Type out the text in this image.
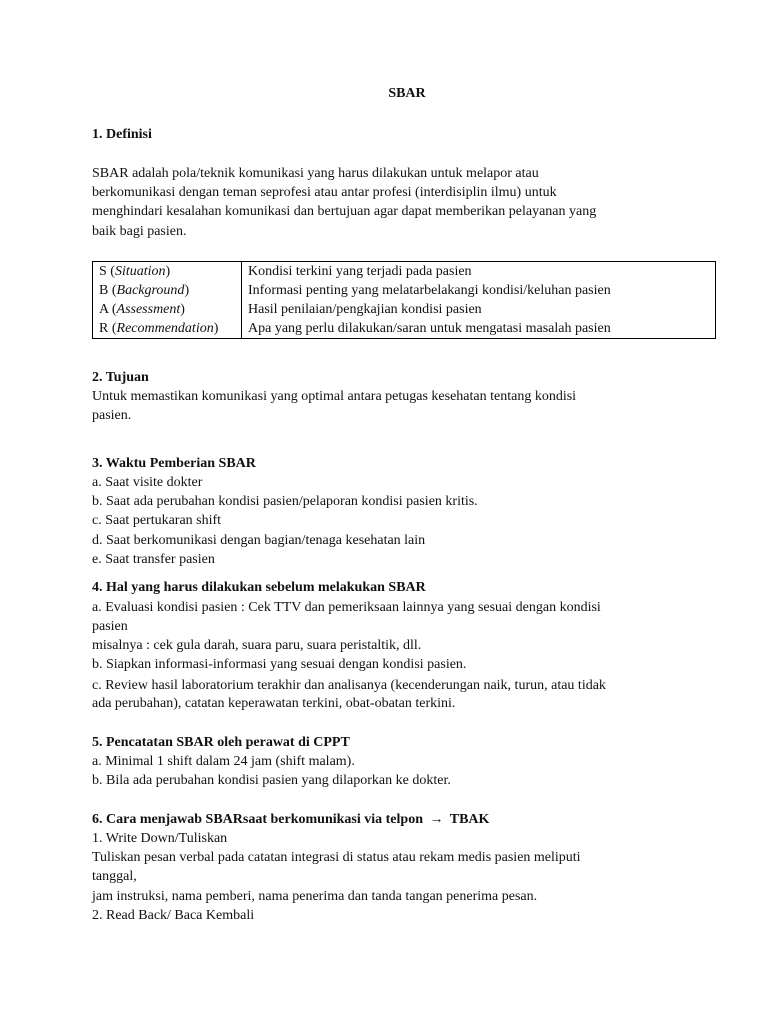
SBAR
1. Definisi
SBAR adalah pola/teknik komunikasi yang harus dilakukan untuk melapor atau
berkomunikasi dengan teman seprofesi atau antar profesi (interdisiplin ilmu) untuk
menghindari kesalahan komunikasi dan bertujuan agar dapat memberikan pelayanan yang
baik bagi pasien.
S (Situation)	Kondisi terkini yang terjadi pada pasien
B (Background)	Informasi penting yang melatarbelakangi kondisi/keluhan pasien
A (Assessment)	Hasil penilaian/pengkajian kondisi pasien
R (Recommendation)	Apa yang perlu dilakukan/saran untuk mengatasi masalah pasien
2. Tujuan
Untuk memastikan komunikasi yang optimal antara petugas kesehatan tentang kondisi
pasien.
3. Waktu Pemberian SBAR
a. Saat visite dokter
b. Saat ada perubahan kondisi pasien/pelaporan kondisi pasien kritis.
c. Saat pertukaran shift
d. Saat berkomunikasi dengan bagian/tenaga kesehatan lain
e. Saat transfer pasien
4. Hal yang harus dilakukan sebelum melakukan SBAR
a. Evaluasi kondisi pasien : Cek TTV dan pemeriksaan lainnya yang sesuai dengan kondisi
pasien
misalnya : cek gula darah, suara paru, suara peristaltik, dll.
b. Siapkan informasi-informasi yang sesuai dengan kondisi pasien.
c. Review hasil laboratorium terakhir dan analisanya (kecenderungan naik, turun, atau tidak
ada perubahan), catatan keperawatan terkini, obat-obatan terkini.
5. Pencatatan SBAR oleh perawat di CPPT
a. Minimal 1 shift dalam 24 jam (shift malam).
b. Bila ada perubahan kondisi pasien yang dilaporkan ke dokter.
6. Cara menjawab SBARsaat berkomunikasi via telpon → TBAK
1. Write Down/Tuliskan
Tuliskan pesan verbal pada catatan integrasi di status atau rekam medis pasien meliputi
tanggal,
jam instruksi, nama pemberi, nama penerima dan tanda tangan penerima pesan.
2. Read Back/ Baca Kembali
